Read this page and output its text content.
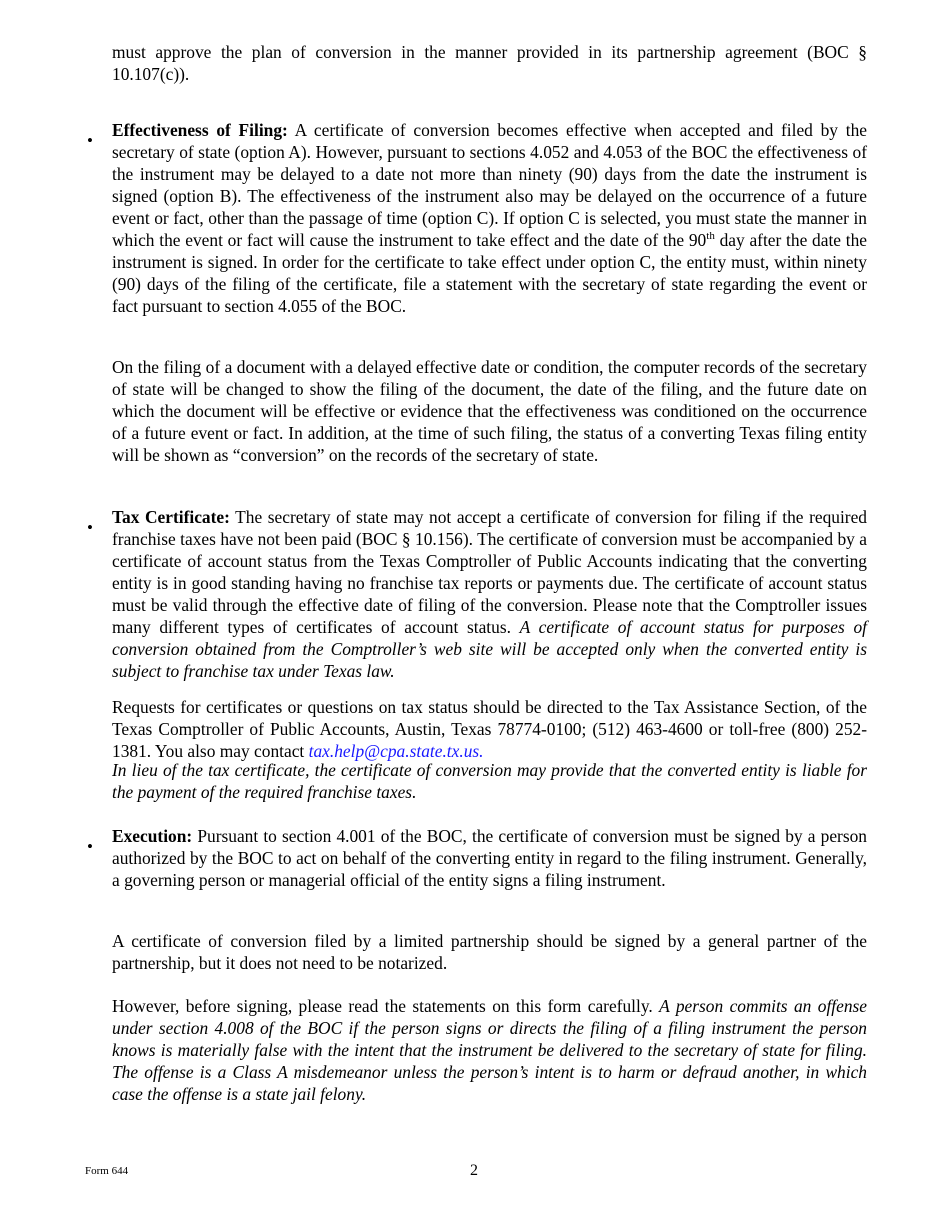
must approve the plan of conversion in the manner provided in its partnership agreement (BOC § 10.107(c)).

•

Effectiveness of Filing: A certificate of conversion becomes effective when accepted and filed by the secretary of state (option A). However, pursuant to sections 4.052 and 4.053 of the BOC the effectiveness of the instrument may be delayed to a date not more than ninety (90) days from the date the instrument is signed (option B). The effectiveness of the instrument also may be delayed on the occurrence of a future event or fact, other than the passage of time (option C). If option C is selected, you must state the manner in which the event or fact will cause the instrument to take effect and the date of the 90th day after the date the instrument is signed. In order for the certificate to take effect under option C, the entity must, within ninety (90) days of the filing of the certificate, file a statement with the secretary of state regarding the event or fact pursuant to section 4.055 of the BOC.

On the filing of a document with a delayed effective date or condition, the computer records of the secretary of state will be changed to show the filing of the document, the date of the filing, and the future date on which the document will be effective or evidence that the effectiveness was conditioned on the occurrence of a future event or fact. In addition, at the time of such filing, the status of a converting Texas filing entity will be shown as “conversion” on the records of the secretary of state.

•

Tax Certificate: The secretary of state may not accept a certificate of conversion for filing if the required franchise taxes have not been paid (BOC § 10.156). The certificate of conversion must be accompanied by a certificate of account status from the Texas Comptroller of Public Accounts indicating that the converting entity is in good standing having no franchise tax reports or payments due. The certificate of account status must be valid through the effective date of filing of the conversion. Please note that the Comptroller issues many different types of certificates of account status. A certificate of account status for purposes of conversion obtained from the Comptroller’s web site will be accepted only when the converted entity is subject to franchise tax under Texas law.

Requests for certificates or questions on tax status should be directed to the Tax Assistance Section, of the Texas Comptroller of Public Accounts, Austin, Texas 78774-0100; (512) 463-4600 or toll-free (800) 252-1381. You also may contact tax.help@cpa.state.tx.us.

In lieu of the tax certificate, the certificate of conversion may provide that the converted entity is liable for the payment of the required franchise taxes.

•

Execution: Pursuant to section 4.001 of the BOC, the certificate of conversion must be signed by a person authorized by the BOC to act on behalf of the converting entity in regard to the filing instrument. Generally, a governing person or managerial official of the entity signs a filing instrument.

A certificate of conversion filed by a limited partnership should be signed by a general partner of the partnership, but it does not need to be notarized.

However, before signing, please read the statements on this form carefully. A person commits an offense under section 4.008 of the BOC if the person signs or directs the filing of a filing instrument the person knows is materially false with the intent that the instrument be delivered to the secretary of state for filing. The offense is a Class A misdemeanor unless the person’s intent is to harm or defraud another, in which case the offense is a state jail felony.

Form 644	2
